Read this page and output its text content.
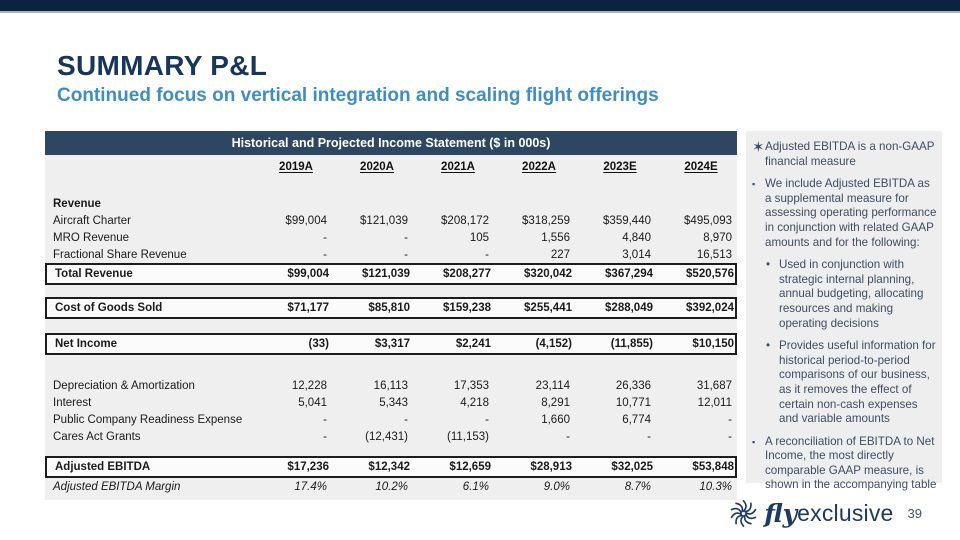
SUMMARY P&L
Continued focus on vertical integration and scaling flight offerings
Historical and Projected Income Statement ($ in 000s)
2019A	2020A	2021A	2022A	2023E	2024E
Revenue
Aircraft Charter	$99,004	$121,039	$208,172	$318,259	$359,440	$495,093
MRO Revenue	-	-	105	1,556	4,840	8,970
Fractional Share Revenue	-	-	-	227	3,014	16,513
Total Revenue	$99,004	$121,039	$208,277	$320,042	$367,294	$520,576
Cost of Goods Sold	$71,177	$85,810	$159,238	$255,441	$288,049	$392,024
Net Income	(33)	$3,317	$2,241	(4,152)	(11,855)	$10,150
Depreciation & Amortization	12,228	16,113	17,353	23,114	26,336	31,687
Interest	5,041	5,343	4,218	8,291	10,771	12,011
Public Company Readiness Expense	-	-	-	1,660	6,774	-
Cares Act Grants	-	(12,431)	(11,153)	-	-	-
Adjusted EBITDA	$17,236	$12,342	$12,659	$28,913	$32,025	$53,848
Adjusted EBITDA Margin	17.4%	10.2%	6.1%	9.0%	8.7%	10.3%
✶ Adjusted EBITDA is a non-GAAP financial measure
▪ We include Adjusted EBITDA as a supplemental measure for assessing operating performance in conjunction with related GAAP amounts and for the following:
• Used in conjunction with strategic internal planning, annual budgeting, allocating resources and making operating decisions
• Provides useful information for historical period-to-period comparisons of our business, as it removes the effect of certain non-cash expenses and variable amounts
▪ A reconciliation of EBITDA to Net Income, the most directly comparable GAAP measure, is shown in the accompanying table
fly exclusive 39
